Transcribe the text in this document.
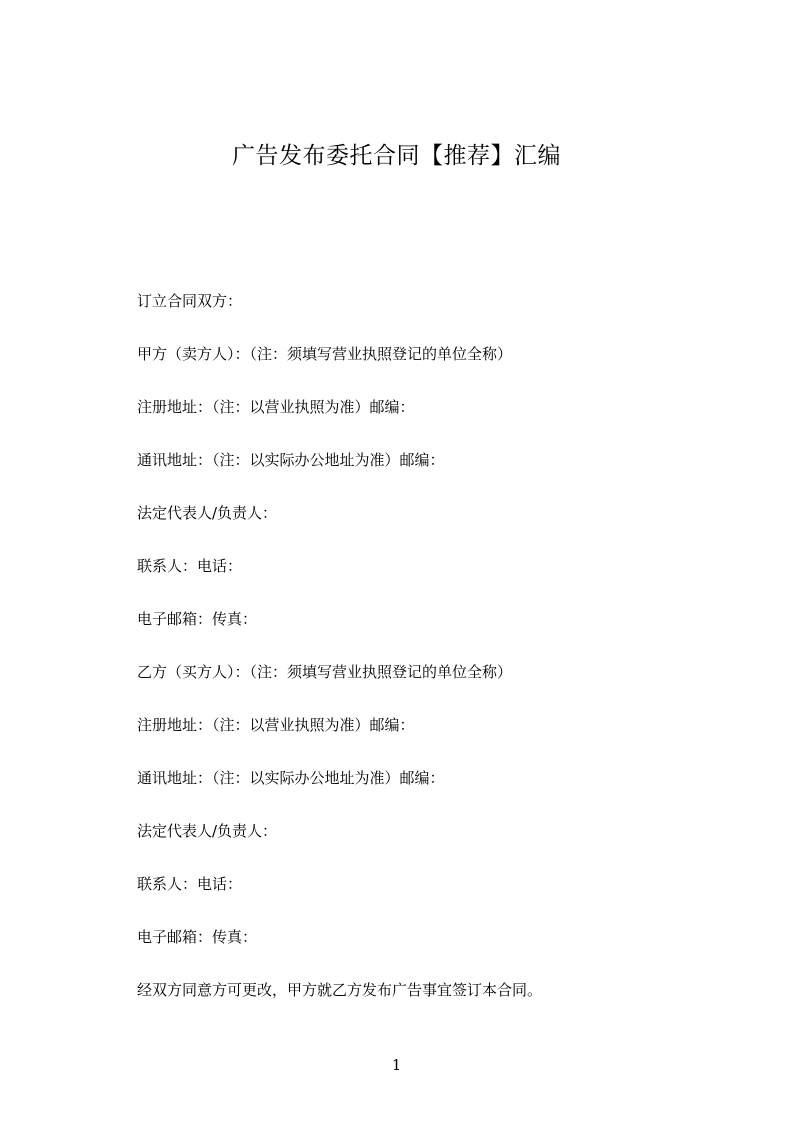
广告发布委托合同【推荐】汇编
订立合同双方：
甲方（卖方人）：（注：须填写营业执照登记的单位全称）
注册地址：（注：以营业执照为准）邮编：
通讯地址：（注：以实际办公地址为准）邮编：
法定代表人/负责人：
联系人：电话：
电子邮箱：传真：
乙方（买方人）：（注：须填写营业执照登记的单位全称）
注册地址：（注：以营业执照为准）邮编：
通讯地址：（注：以实际办公地址为准）邮编：
法定代表人/负责人：
联系人：电话：
电子邮箱：传真：
经双方同意方可更改，甲方就乙方发布广告事宜签订本合同。
1
